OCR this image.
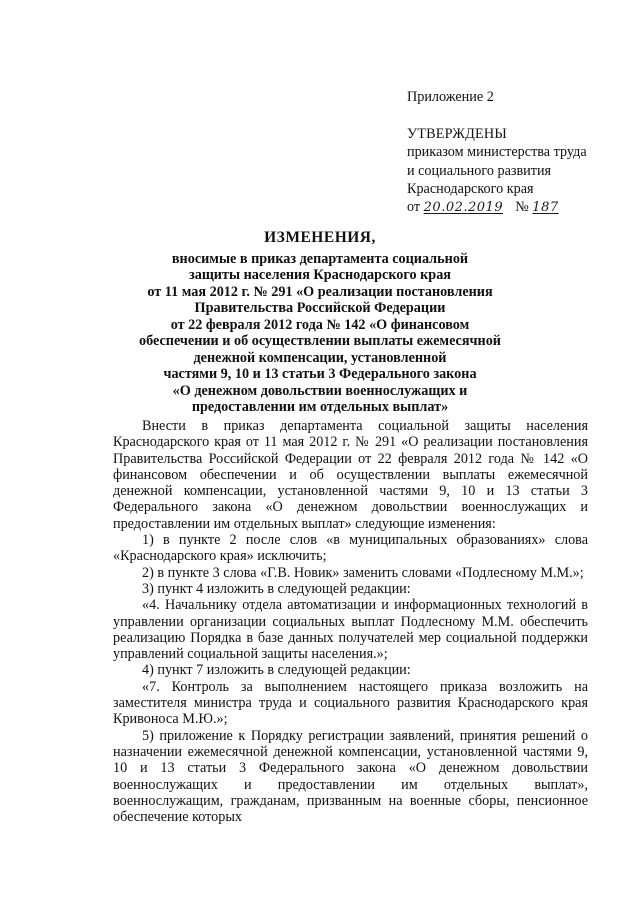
Приложение 2
УТВЕРЖДЕНЫ
приказом министерства труда
и социального развития
Краснодарского края
от 20.02.2019 № 187
ИЗМЕНЕНИЯ,
вносимые в приказ департамента социальной
защиты населения Краснодарского края
от 11 мая 2012 г. № 291 «О реализации постановления
Правительства Российской Федерации
от 22 февраля 2012 года № 142 «О финансовом
обеспечении и об осуществлении выплаты ежемесячной
денежной компенсации, установленной
частями 9, 10 и 13 статьи 3 Федерального закона
«О денежном довольствии военнослужащих и
предоставлении им отдельных выплат»

Внести в приказ департамента социальной защиты населения Краснодарского края от 11 мая 2012 г. № 291 «О реализации постановления Правительства Российской Федерации от 22 февраля 2012 года № 142 «О финансовом обеспечении и об осуществлении выплаты ежемесячной денежной компенсации, установленной частями 9, 10 и 13 статьи 3 Федерального закона «О денежном довольствии военнослужащих и предоставлении им отдельных выплат» следующие изменения:

1) в пункте 2 после слов «в муниципальных образованиях» слова «Краснодарского края» исключить;

2) в пункте 3 слова «Г.В. Новик» заменить словами «Подлесному М.М.»;

3) пункт 4 изложить в следующей редакции:

«4. Начальнику отдела автоматизации и информационных технологий в управлении организации социальных выплат Подлесному М.М. обеспечить реализацию Порядка в базе данных получателей мер социальной поддержки управлений социальной защиты населения.»;

4) пункт 7 изложить в следующей редакции:

«7. Контроль за выполнением настоящего приказа возложить на заместителя министра труда и социального развития Краснодарского края Кривоноса М.Ю.»;

5) приложение к Порядку регистрации заявлений, принятия решений о назначении ежемесячной денежной компенсации, установленной частями 9, 10 и 13 статьи 3 Федерального закона «О денежном довольствии военнослужащих и предоставлении им отдельных выплат», военнослужащим, гражданам, призванным на военные сборы, пенсионное обеспечение которых
